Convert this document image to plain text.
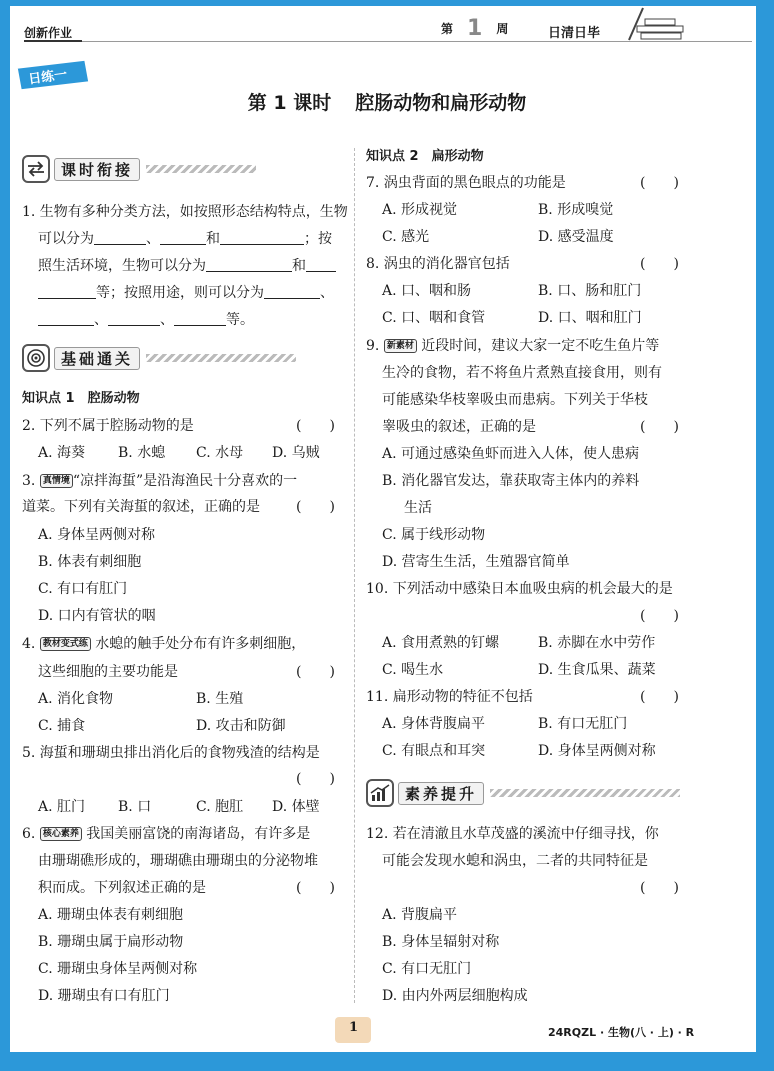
创新作业	第 1 周	日清日毕
日练一
第 1 课时 腔肠动物和扁形动物
课时衔接
1. 生物有多种分类方法，如按照形态结构特点，生物
可以分为	、	和	；按
照生活环境，生物可以分为	和
等；按照用途，则可以分为	、
、	、	等。
基础通关
知识点 1　腔肠动物
2. 下列不属于腔肠动物的是	(　　)
A. 海葵 B. 水螅 C. 水母 D. 乌贼
3. 真情境 “凉拌海蜇”是沿海渔民十分喜欢的一
道菜。下列有关海蜇的叙述，正确的是	(　　)
A. 身体呈两侧对称
B. 体表有刺细胞
C. 有口有肛门
D. 口内有管状的咽
4. 教材变式练 水螅的触手处分布有许多刺细胞，
这些细胞的主要功能是	(　　)
A. 消化食物	B. 生殖
C. 捕食	D. 攻击和防御
5. 海蜇和珊瑚虫排出消化后的食物残渣的结构是
(　　)
A. 肛门 B. 口	C. 胞肛 D. 体壁
6. 核心素养 我国美丽富饶的南海诸岛，有许多是
由珊瑚礁形成的，珊瑚礁由珊瑚虫的分泌物堆
积而成。下列叙述正确的是	(　　)
A. 珊瑚虫体表有刺细胞
B. 珊瑚虫属于扁形动物
C. 珊瑚虫身体呈两侧对称
D. 珊瑚虫有口有肛门
知识点 2　扁形动物
7. 涡虫背面的黑色眼点的功能是	(　　)
A. 形成视觉	B. 形成嗅觉
C. 感光	D. 感受温度
8. 涡虫的消化器官包括	(　　)
A. 口、咽和肠	B. 口、肠和肛门
C. 口、咽和食管	D. 口、咽和肛门
9. 新素材 近段时间，建议大家一定不吃生鱼片等
生冷的食物，若不将鱼片煮熟直接食用，则有
可能感染华枝睾吸虫而患病。下列关于华枝
睾吸虫的叙述，正确的是	(　　)
A. 可通过感染鱼虾而进入人体，使人患病
B. 消化器官发达，靠获取寄主体内的养料
生活
C. 属于线形动物
D. 营寄生生活，生殖器官简单
10. 下列活动中感染日本血吸虫病的机会最大的是
(　　)
A. 食用煮熟的钉螺	B. 赤脚在水中劳作
C. 喝生水	D. 生食瓜果、蔬菜
11. 扁形动物的特征不包括	(　　)
A. 身体背腹扁平	B. 有口无肛门
C. 有眼点和耳突	D. 身体呈两侧对称
素养提升
12. 若在清澈且水草茂盛的溪流中仔细寻找，你
可能会发现水螅和涡虫，二者的共同特征是
(　　)
A. 背腹扁平
B. 身体呈辐射对称
C. 有口无肛门
D. 由内外两层细胞构成
1	24RQZL · 生物(八 · 上) · R
